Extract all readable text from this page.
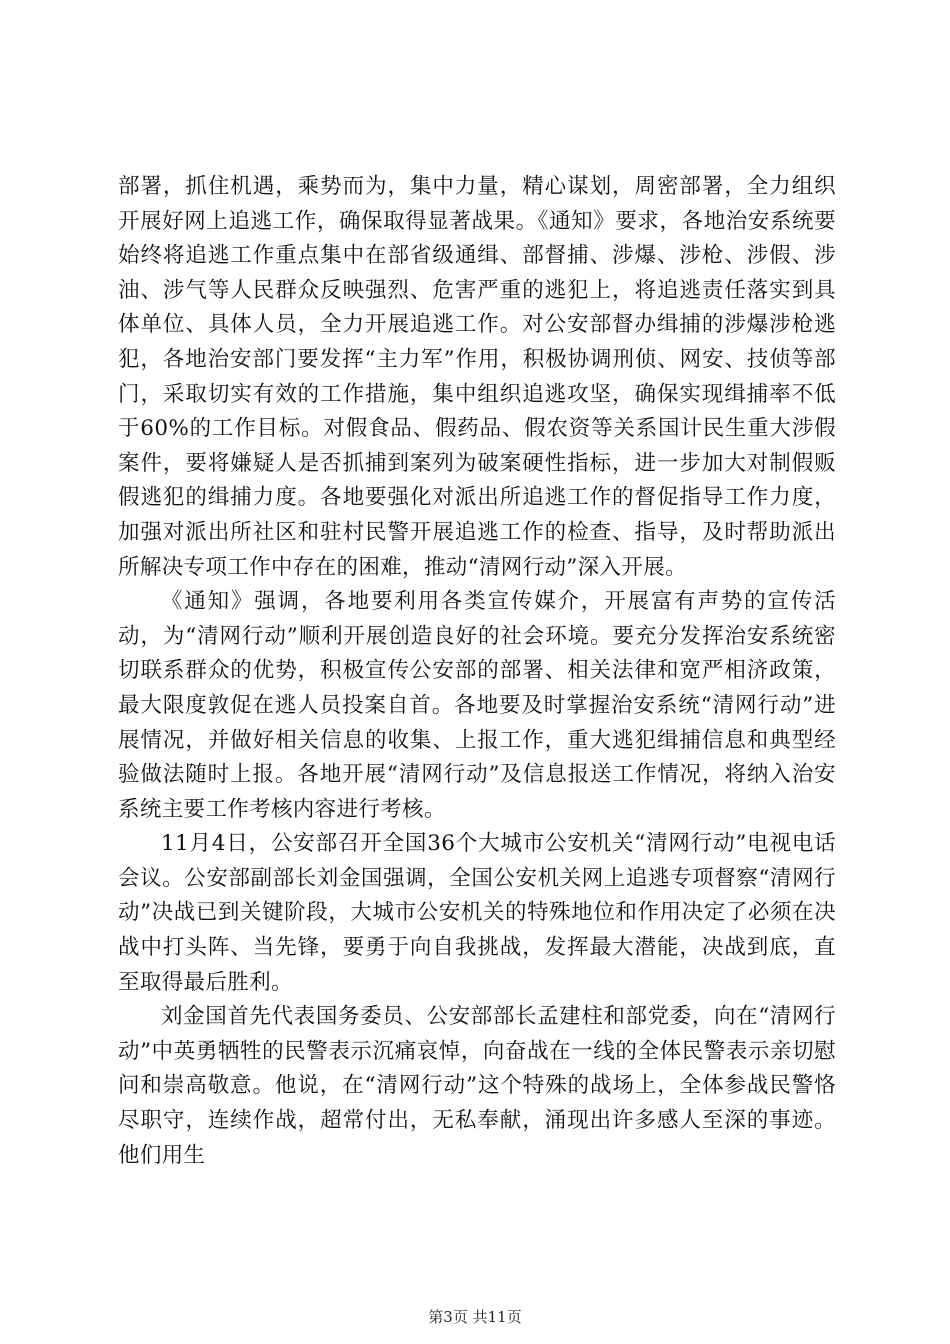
部署，抓住机遇，乘势而为，集中力量，精心谋划，周密部署，全力组织开展好网上追逃工作，确保取得显著战果。《通知》要求，各地治安系统要始终将追逃工作重点集中在部省级通缉、部督捕、涉爆、涉枪、涉假、涉油、涉气等人民群众反映强烈、危害严重的逃犯上，将追逃责任落实到具体单位、具体人员，全力开展追逃工作。对公安部督办缉捕的涉爆涉枪逃犯，各地治安部门要发挥“主力军”作用，积极协调刑侦、网安、技侦等部门，采取切实有效的工作措施，集中组织追逃攻坚，确保实现缉捕率不低于60%的工作目标。对假食品、假药品、假农资等关系国计民生重大涉假案件，要将嫌疑人是否抓捕到案列为破案硬性指标，进一步加大对制假贩假逃犯的缉捕力度。各地要强化对派出所追逃工作的督促指导工作力度，加强对派出所社区和驻村民警开展追逃工作的检查、指导，及时帮助派出所解决专项工作中存在的困难，推动“清网行动”深入开展。

《通知》强调，各地要利用各类宣传媒介，开展富有声势的宣传活动，为“清网行动”顺利开展创造良好的社会环境。要充分发挥治安系统密切联系群众的优势，积极宣传公安部的部署、相关法律和宽严相济政策，最大限度敦促在逃人员投案自首。各地要及时掌握治安系统“清网行动”进展情况，并做好相关信息的收集、上报工作，重大逃犯缉捕信息和典型经验做法随时上报。各地开展“清网行动”及信息报送工作情况，将纳入治安系统主要工作考核内容进行考核。

11月4日，公安部召开全国36个大城市公安机关“清网行动”电视电话会议。公安部副部长刘金国强调，全国公安机关网上追逃专项督察“清网行动”决战已到关键阶段，大城市公安机关的特殊地位和作用决定了必须在决战中打头阵、当先锋，要勇于向自我挑战，发挥最大潜能，决战到底，直至取得最后胜利。

刘金国首先代表国务委员、公安部部长孟建柱和部党委，向在“清网行动”中英勇牺牲的民警表示沉痛哀悼，向奋战在一线的全体民警表示亲切慰问和崇高敬意。他说，在“清网行动”这个特殊的战场上，全体参战民警恪尽职守，连续作战，超常付出，无私奉献，涌现出许多感人至深的事迹。他们用生

第3页 共11页
